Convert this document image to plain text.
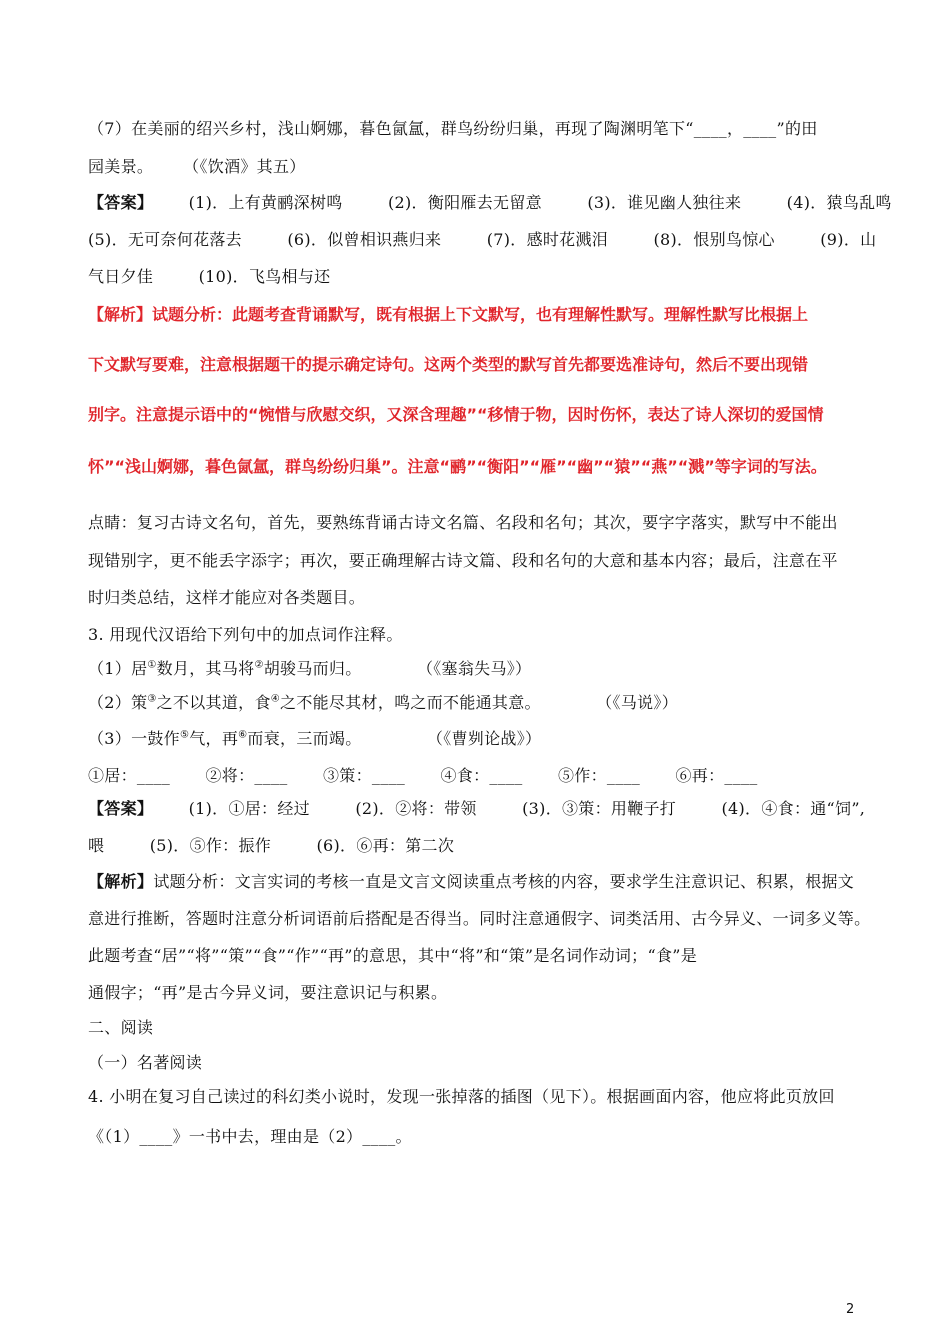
（7）在美丽的绍兴乡村，浅山婀娜，暮色氤氲，群鸟纷纷归巢，再现了陶渊明笔下“____，____”的田
园美景。　　 （《饮酒》其五）
【答案】 (1)．上有黄鹂深树鸣	(2)．衡阳雁去无留意	(3)．谁见幽人独往来	(4)．猿鸟乱鸣
(5)．无可奈何花落去	(6)．似曾相识燕归来	(7)．感时花溅泪	(8)．恨别鸟惊心	(9)．山
气日夕佳	(10)．飞鸟相与还
【解析】试题分析：此题考查背诵默写，既有根据上下文默写，也有理解性默写。理解性默写比根据上
下文默写要难，注意根据题干的提示确定诗句。这两个类型的默写首先都要选准诗句，然后不要出现错
别字。注意提示语中的“惋惜与欣慰交织，又深含理趣”“移情于物，因时伤怀，表达了诗人深切的爱国情
怀”“浅山婀娜，暮色氤氲，群鸟纷纷归巢”。注意“鹂”“衡阳”“雁”“幽”“猿”“燕”“溅”等字词的写法。
点睛：复习古诗文名句，首先，要熟练背诵古诗文名篇、名段和名句；其次，要字字落实，默写中不能出
现错别字，更不能丢字添字；再次，要正确理解古诗文篇、段和名句的大意和基本内容；最后，注意在平
时归类总结，这样才能应对各类题目。
3. 用现代汉语给下列句中的加点词作注释。
（1）居①数月，其马将②胡骏马而归。	（《塞翁失马》）
（2）策③之不以其道，食④之不能尽其材，鸣之而不能通其意。	（《马说》）
（3）一鼓作⑤气，再⑥而衰，三而竭。	（《曹刿论战》）
①居：____ ②将：____ ③策：____ ④食：____ ⑤作：____ ⑥再：____
【答案】 (1)．①居：经过	(2)．②将：带领	(3)．③策：用鞭子打	(4)．④食：通“饲”,
喂	(5)．⑤作：振作	(6)．⑥再：第二次
【解析】试题分析：文言实词的考核一直是文言文阅读重点考核的内容，要求学生注意识记、积累，根据文
意进行推断，答题时注意分析词语前后搭配是否得当。同时注意通假字、词类活用、古今异义、一词多义等。
此题考查“居”“将”“策”“食”“作”“再”的意思，其中“将”和“策”是名词作动词；“食”是
通假字；“再”是古今异义词，要注意识记与积累。
二、阅读
（一）名著阅读
4. 小明在复习自己读过的科幻类小说时，发现一张掉落的插图（见下）。根据画面内容，他应将此页放回
《（1）____》一书中去，理由是（2）____。
2
